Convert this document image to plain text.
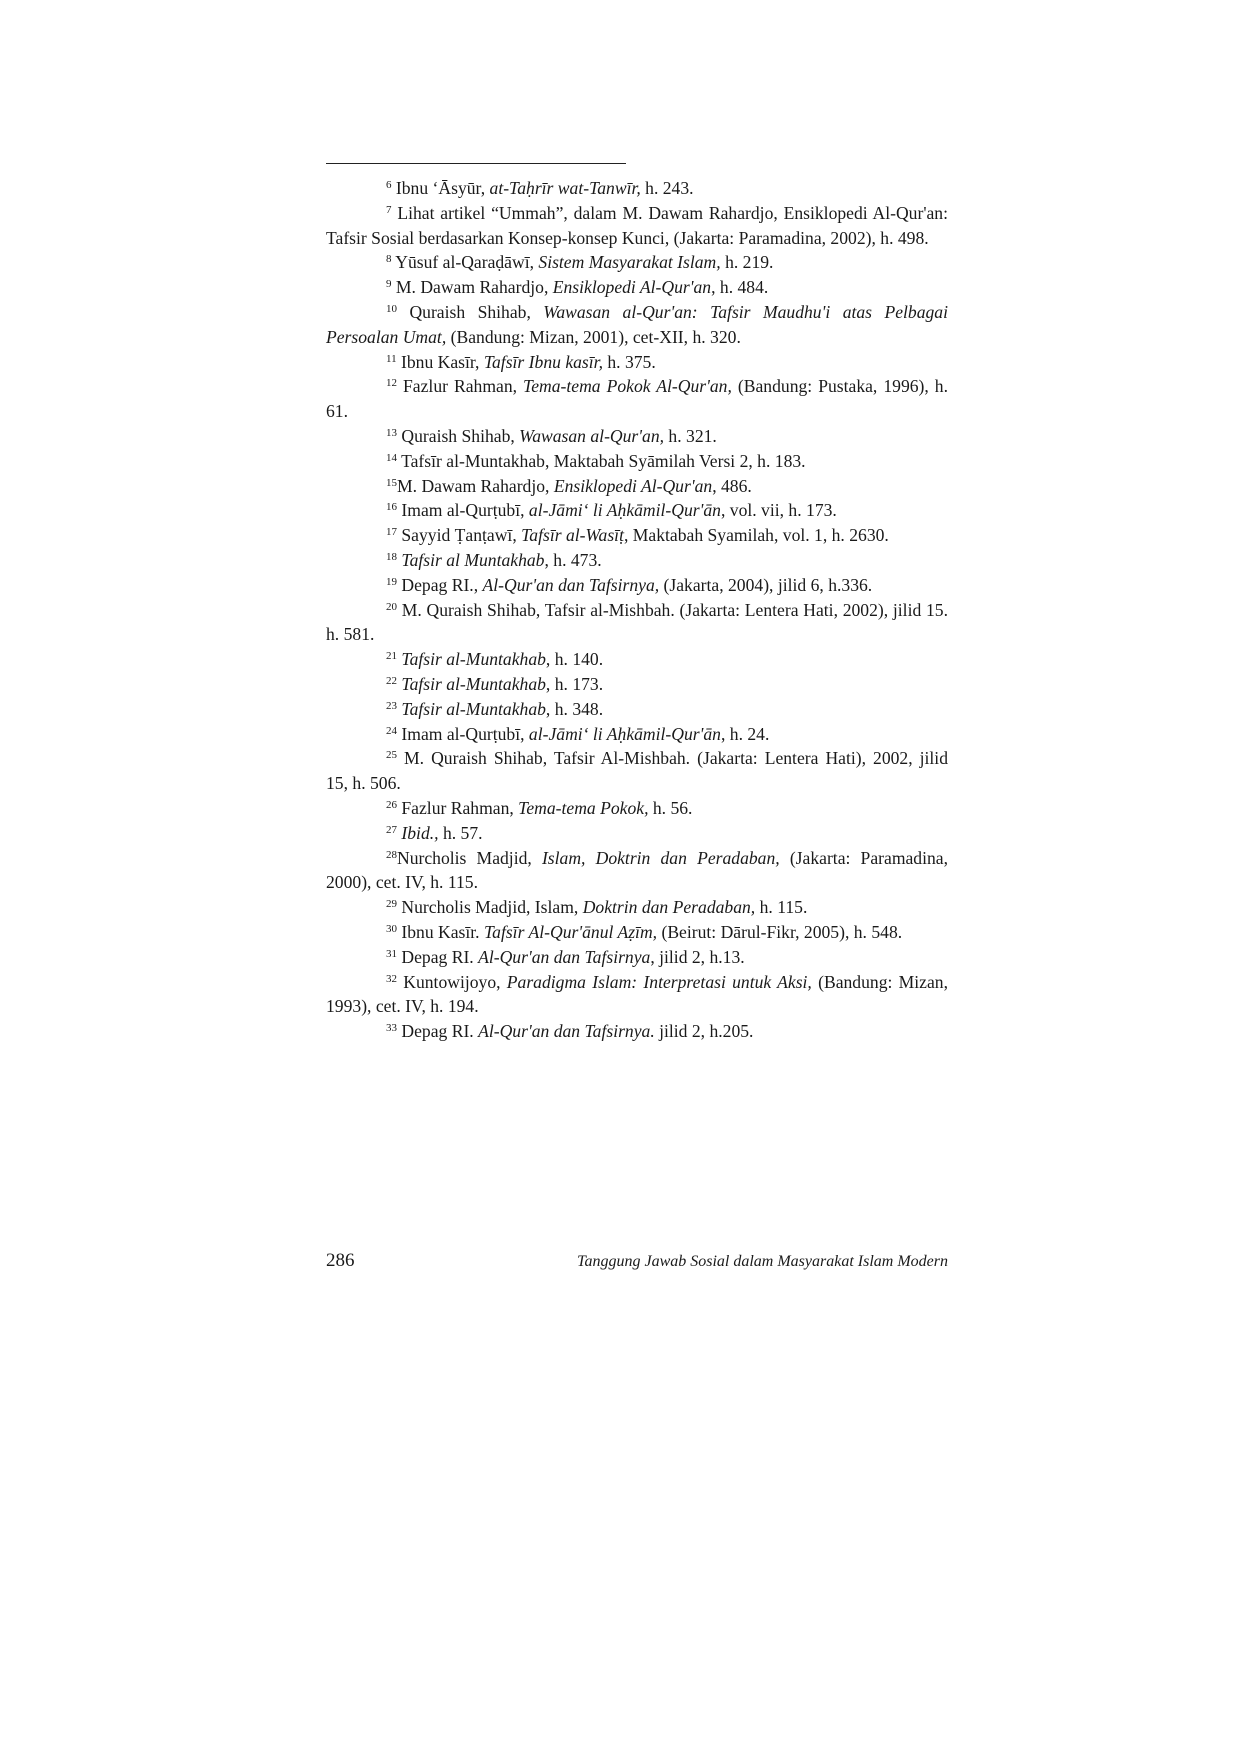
$^6$ Ibnu ‘Āsyūr, at-Taḥrīr wat-Tanwīr, h. 243.

$^7$ Lihat artikel “Ummah”, dalam M. Dawam Rahardjo, Ensiklopedi Al-Qur'an: Tafsir Sosial berdasarkan Konsep-konsep Kunci, (Jakarta: Paramadina, 2002), h. 498.

$^8$ Yūsuf al-Qaraḍāwī, Sistem Masyarakat Islam, h. 219.

$^9$ M. Dawam Rahardjo, Ensiklopedi Al-Qur'an, h. 484.

$^{10}$ Quraish Shihab, Wawasan al-Qur'an: Tafsir Maudhu'i atas Pelbagai Persoalan Umat, (Bandung: Mizan, 2001), cet-XII, h. 320.

$^{11}$ Ibnu Kasīr, Tafsīr Ibnu kasīr, h. 375.

$^{12}$ Fazlur Rahman, Tema-tema Pokok Al-Qur'an, (Bandung: Pustaka, 1996), h. 61.

$^{13}$ Quraish Shihab, Wawasan al-Qur'an, h. 321.

$^{14}$ Tafsīr al-Muntakhab, Maktabah Syāmilah Versi 2, h. 183.

$^{15}$M. Dawam Rahardjo, Ensiklopedi Al-Qur'an, 486.

$^{16}$ Imam al-Qurṭubī, al-Jāmi‘ li Aḥkāmil-Qur'ān, vol. vii, h. 173.

$^{17}$ Sayyid Ṭanṭawī, Tafsīr al-Wasīṭ, Maktabah Syamilah, vol. 1, h. 2630.

$^{18}$ Tafsir al Muntakhab, h. 473.

$^{19}$ Depag RI., Al-Qur'an dan Tafsirnya, (Jakarta, 2004), jilid 6, h.336.

$^{20}$ M. Quraish Shihab, Tafsir al-Mishbah. (Jakarta: Lentera Hati, 2002), jilid 15. h. 581.

$^{21}$ Tafsir al-Muntakhab, h. 140.

$^{22}$ Tafsir al-Muntakhab, h. 173.

$^{23}$ Tafsir al-Muntakhab, h. 348.

$^{24}$ Imam al-Qurṭubī, al-Jāmi‘ li Aḥkāmil-Qur'ān, h. 24.

$^{25}$ M. Quraish Shihab, Tafsir Al-Mishbah. (Jakarta: Lentera Hati), 2002, jilid 15, h. 506.

$^{26}$ Fazlur Rahman, Tema-tema Pokok, h. 56.

$^{27}$ Ibid., h. 57.

$^{28}$Nurcholis Madjid, Islam, Doktrin dan Peradaban, (Jakarta: Paramadina, 2000), cet. IV, h. 115.

$^{29}$ Nurcholis Madjid, Islam, Doktrin dan Peradaban, h. 115.

$^{30}$ Ibnu Kasīr. Tafsīr Al-Qur'ānul Aẓīm, (Beirut: Dārul-Fikr, 2005), h. 548.

$^{31}$ Depag RI. Al-Qur'an dan Tafsirnya, jilid 2, h.13.

$^{32}$ Kuntowijoyo, Paradigma Islam: Interpretasi untuk Aksi, (Bandung: Mizan, 1993), cet. IV, h. 194.

$^{33}$ Depag RI. Al-Qur'an dan Tafsirnya. jilid 2, h.205.

286	Tanggung Jawab Sosial dalam Masyarakat Islam Modern
